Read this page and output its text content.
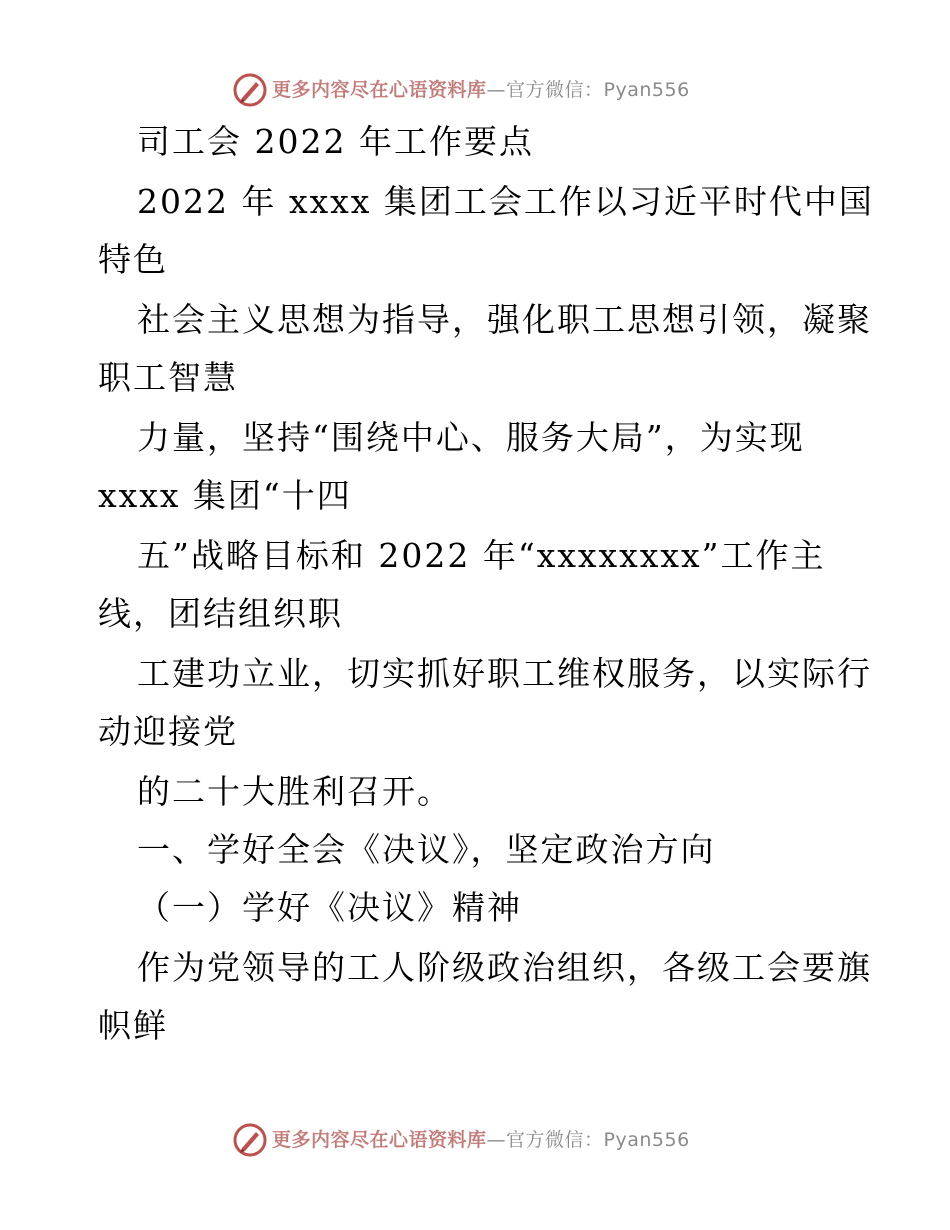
更多内容尽在心语资料库—官方微信：Pyan556
司工会 2022 年工作要点
2022 年 xxxx 集团工会工作以习近平时代中国
特色
社会主义思想为指导，强化职工思想引领，凝聚
职工智慧
力量，坚持“围绕中心、服务大局”，为实现
xxxx 集团“十四
五”战略目标和 2022 年“xxxxxxxx”工作主
线，团结组织职
工建功立业，切实抓好职工维权服务，以实际行
动迎接党
的二十大胜利召开。
一、学好全会《决议》，坚定政治方向
（一）学好《决议》精神
作为党领导的工人阶级政治组织，各级工会要旗
帜鲜
更多内容尽在心语资料库—官方微信：Pyan556
